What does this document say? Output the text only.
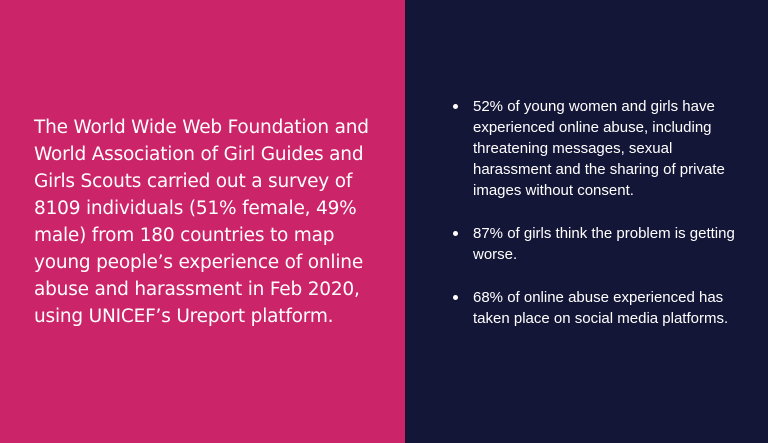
The World Wide Web Foundation and World Association of Girl Guides and Girls Scouts carried out a survey of 8109 individuals (51% female, 49% male) from 180 countries to map young people’s experience of online abuse and harassment in Feb 2020, using UNICEF’s Ureport platform.

52% of young women and girls have experienced online abuse, including threatening messages, sexual harassment and the sharing of private images without consent.
87% of girls think the problem is getting worse.
68% of online abuse experienced has taken place on social media platforms.
